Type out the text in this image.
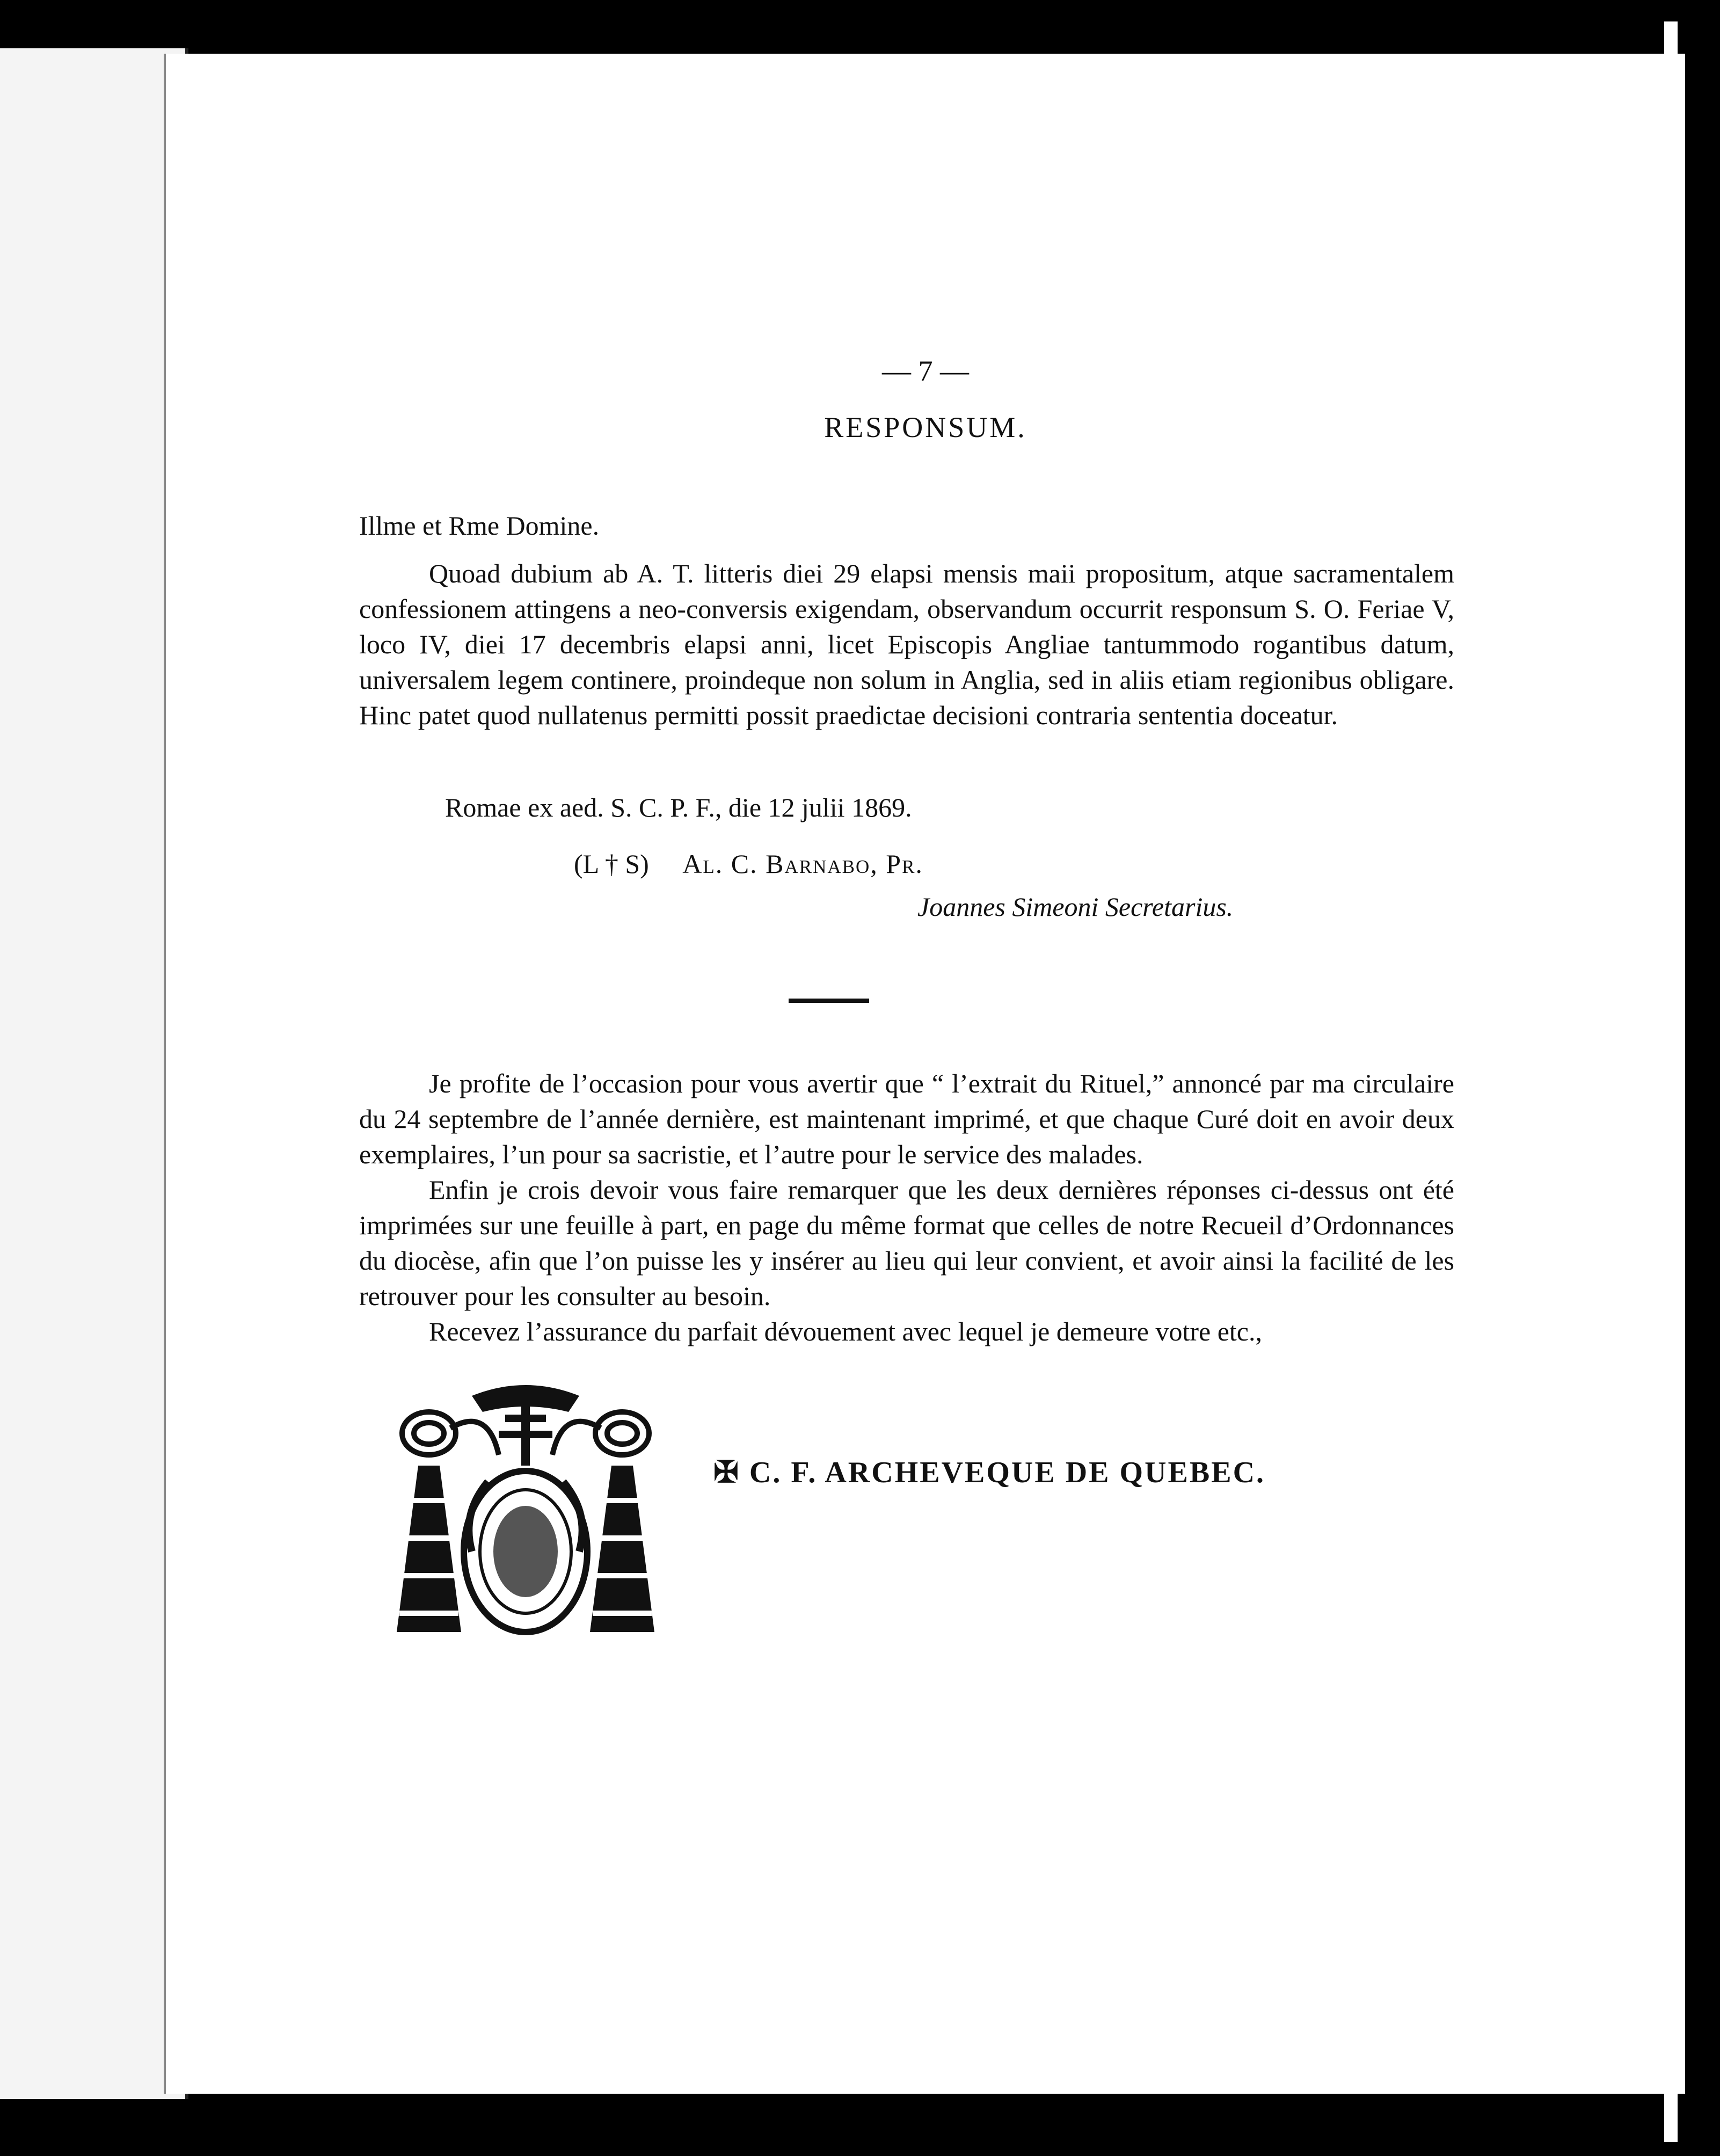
— 7 —
RESPONSUM.
Illme et Rme Domine.

Quoad dubium ab A. T. litteris diei 29 elapsi mensis maii propositum, atque sacramentalem confessionem attingens a neo-conversis exigendam, observandum occurrit responsum S. O. Feriae V, loco IV, diei 17 decembris elapsi anni, licet Episcopis Angliae tantummodo rogantibus datum, universalem legem continere, proindeque non solum in Anglia, sed in aliis etiam regionibus obligare. Hinc patet quod nullatenus permitti possit praedictae decisioni contraria sententia doceatur.

Romae ex aed. S. C. P. F., die 12 julii 1869.
(L † S) Al. C. Barnabo, Pr.
Joannes Simeoni Secretarius.

Je profite de l’occasion pour vous avertir que “ l’extrait du Rituel,” annoncé par ma circulaire du 24 septembre de l’année dernière, est maintenant imprimé, et que chaque Curé doit en avoir deux exemplaires, l’un pour sa sacristie, et l’autre pour le service des malades.

Enfin je crois devoir vous faire remarquer que les deux dernières réponses ci-dessus ont été imprimées sur une feuille à part, en page du même format que celles de notre Recueil d’Ordonnances du diocèse, afin que l’on puisse les y insérer au lieu qui leur convient, et avoir ainsi la facilité de les retrouver pour les consulter au besoin.

Recevez l’assurance du parfait dévouement avec lequel je demeure votre etc.,

✠ C. F. ARCHEVEQUE DE QUEBEC.
